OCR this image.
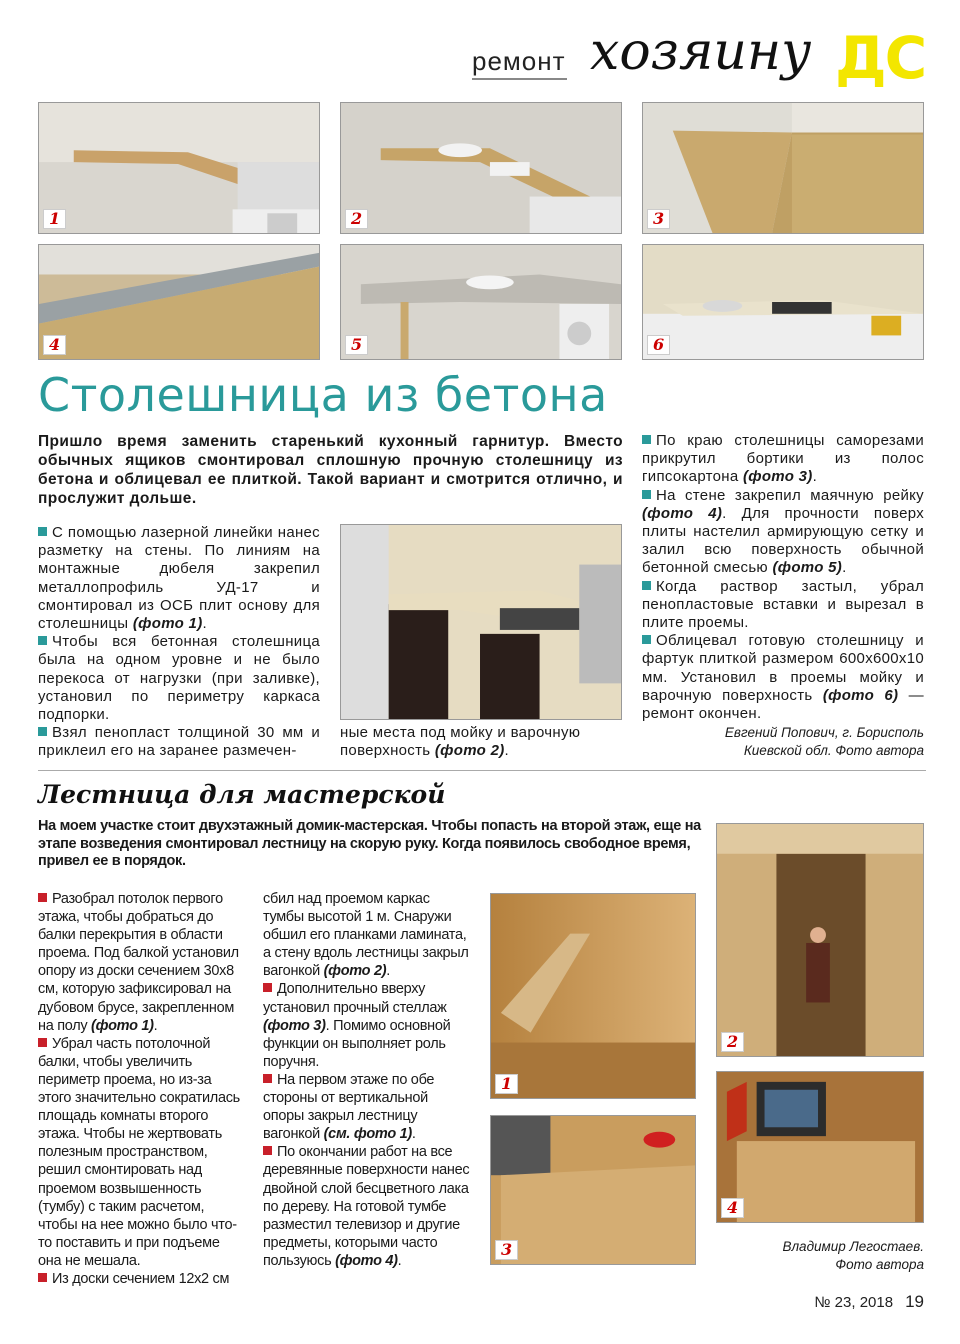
ремонт хозяину ДС
1	2	3
4	5	6
Столешница из бетона
Пришло время заменить старенький кухонный гарнитур. Вместо обычных ящиков смонтировал сплошную прочную столешницу из бетона и облицевал ее плиткой. Такой вариант и смотрится отлично, и прослужит дольше.

С помощью лазерной линейки нанес разметку на стены. По линиям на монтажные дюбеля закрепил металлопрофиль УД-17 и смонтировал из ОСБ плит основу для столешницы (фото 1).

Чтобы вся бетонная столешница была на одном уровне и не было перекоса от нагрузки (при заливке), установил по периметру каркаса подпорки.

Взял пенопласт толщиной 30 мм и приклеил его на заранее размечен-

ные места под мойку и варочную поверхность (фото 2).

По краю столешницы саморезами прикрутил бортики из полос гипсокартона (фото 3).

На стене закрепил маячную рейку (фото 4). Для прочности поверх плиты настелил армирующую сетку и залил всю поверхность обычной бетонной смесью (фото 5).

Когда раствор застыл, убрал пенопластовые вставки и вырезал в плите проемы.

Облицевал готовую столешницу и фартук плиткой размером 600х600х10 мм. Установил в проемы мойку и варочную поверхность (фото 6) — ремонт окончен.

Евгений Попович, г. Борисполь
Киевской обл. Фото автора
Лестница для мастерской
На моем участке стоит двухэтажный домик-мастерская. Чтобы попасть на второй этаж, еще на этапе возведения смонтировал лестницу на скорую руку. Когда появилось свободное время, привел ее в порядок.

Разобрал потолок первого этажа, чтобы добраться до балки перекрытия в области проема. Под балкой установил опору из доски сечением 30х8 см, которую зафиксировал на дубовом брусе, закрепленном на полу (фото 1).

Убрал часть потолочной балки, чтобы увеличить периметр проема, но из-за этого значительно сократилась площадь комнаты второго этажа. Чтобы не жертвовать полезным пространством, решил смонтировать над проемом возвышенность (тумбу) с таким расчетом, чтобы на нее можно было что-то поставить и при подъеме она не мешала.

Из доски сечением 12х2 см

сбил над проемом каркас тумбы высотой 1 м. Снаружи обшил его планками ламината, а стену вдоль лестницы закрыл вагонкой (фото 2).

Дополнительно вверху установил прочный стеллаж (фото 3). Помимо основной функции он выполняет роль поручня.

На первом этаже по обе стороны от вертикальной опоры закрыл лестницу вагонкой (см. фото 1).

По окончании работ на все деревянные поверхности нанес двойной слой бесцветного лака по дереву. На готовой тумбе разместил телевизор и другие предметы, которыми часто пользуюсь (фото 4).

1
2
3
4
Владимир Легостаев.
Фото автора
№ 23, 2018 19
